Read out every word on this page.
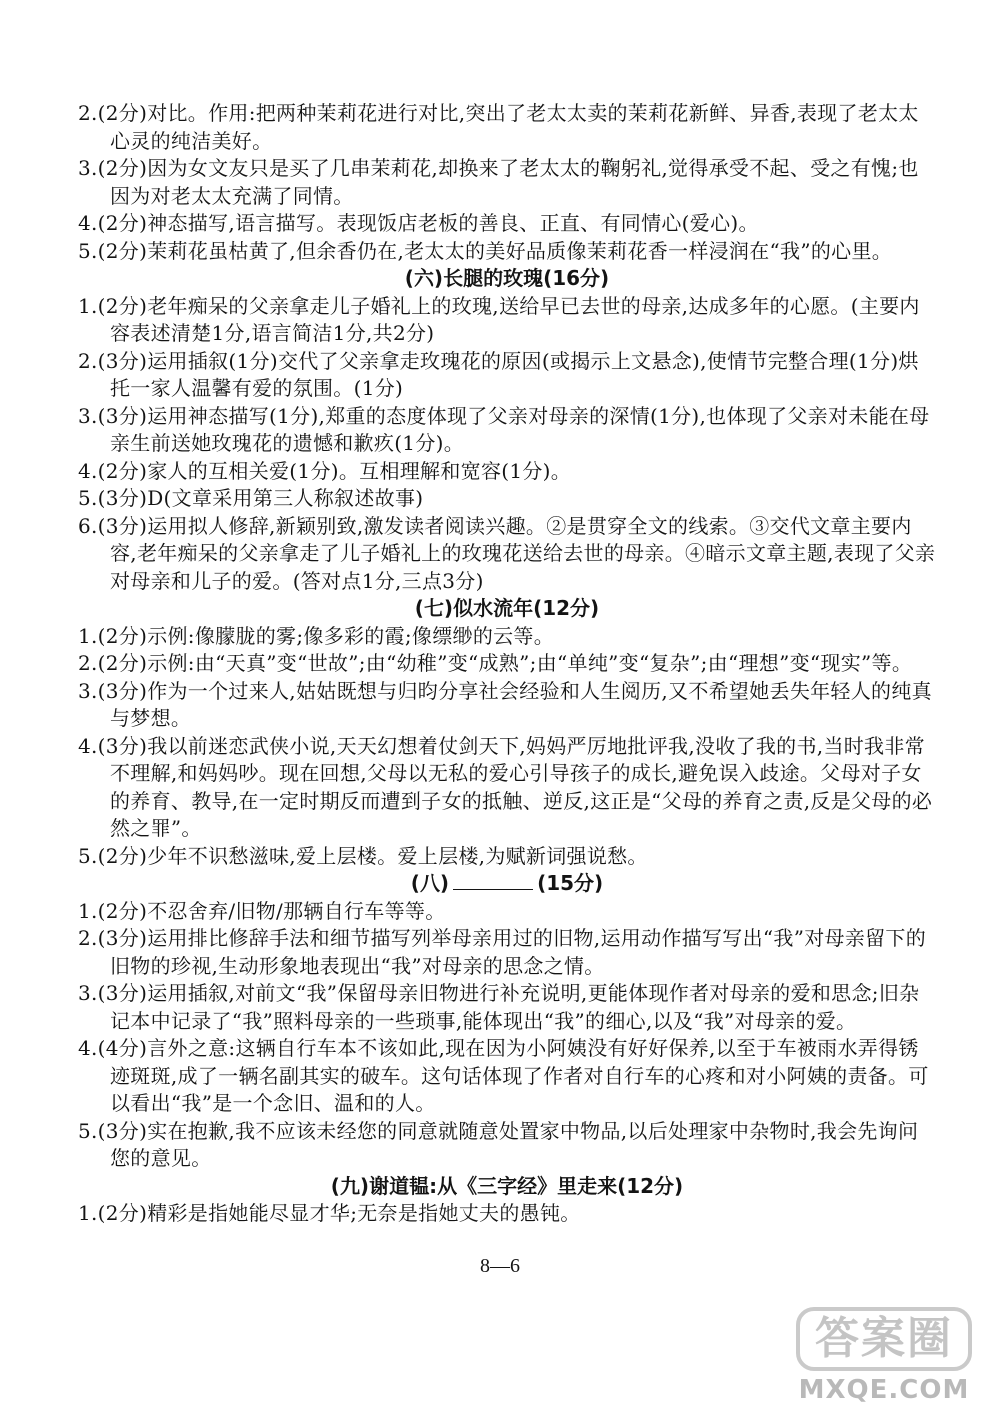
2.(2分)对比。作用:把两种茉莉花进行对比,突出了老太太卖的茉莉花新鲜、异香,表现了老太太心灵的纯洁美好。

3.(2分)因为女文友只是买了几串茉莉花,却换来了老太太的鞠躬礼,觉得承受不起、受之有愧;也因为对老太太充满了同情。

4.(2分)神态描写,语言描写。表现饭店老板的善良、正直、有同情心(爱心)。

5.(2分)茉莉花虽枯黄了,但余香仍在,老太太的美好品质像茉莉花香一样浸润在“我”的心里。

(六)长腿的玫瑰(16分)

1.(2分)老年痴呆的父亲拿走儿子婚礼上的玫瑰,送给早已去世的母亲,达成多年的心愿。(主要内容表述清楚1分,语言简洁1分,共2分)

2.(3分)运用插叙(1分)交代了父亲拿走玫瑰花的原因(或揭示上文悬念),使情节完整合理(1分)烘托一家人温馨有爱的氛围。(1分)

3.(3分)运用神态描写(1分),郑重的态度体现了父亲对母亲的深情(1分),也体现了父亲对未能在母亲生前送她玫瑰花的遗憾和歉疚(1分)。

4.(2分)家人的互相关爱(1分)。互相理解和宽容(1分)。

5.(3分)D(文章采用第三人称叙述故事)

6.(3分)运用拟人修辞,新颖别致,激发读者阅读兴趣。②是贯穿全文的线索。③交代文章主要内容,老年痴呆的父亲拿走了儿子婚礼上的玫瑰花送给去世的母亲。④暗示文章主题,表现了父亲对母亲和儿子的爱。(答对点1分,三点3分)

(七)似水流年(12分)

1.(2分)示例:像朦胧的雾;像多彩的霞;像缥缈的云等。

2.(2分)示例:由“天真”变“世故”;由“幼稚”变“成熟”;由“单纯”变“复杂”;由“理想”变“现实”等。

3.(3分)作为一个过来人,姑姑既想与归昀分享社会经验和人生阅历,又不希望她丢失年轻人的纯真与梦想。

4.(3分)我以前迷恋武侠小说,天天幻想着仗剑天下,妈妈严厉地批评我,没收了我的书,当时我非常不理解,和妈妈吵。现在回想,父母以无私的爱心引导孩子的成长,避免误入歧途。父母对子女的养育、教导,在一定时期反而遭到子女的抵触、逆反,这正是“父母的养育之责,反是父母的必然之罪”。

5.(2分)少年不识愁滋味,爱上层楼。爱上层楼,为赋新词强说愁。

(八)	(15分)

1.(2分)不忍舍弃/旧物/那辆自行车等等。

2.(3分)运用排比修辞手法和细节描写列举母亲用过的旧物,运用动作描写写出“我”对母亲留下的旧物的珍视,生动形象地表现出“我”对母亲的思念之情。

3.(3分)运用插叙,对前文“我”保留母亲旧物进行补充说明,更能体现作者对母亲的爱和思念;旧杂记本中记录了“我”照料母亲的一些琐事,能体现出“我”的细心,以及“我”对母亲的爱。

4.(4分)言外之意:这辆自行车本不该如此,现在因为小阿姨没有好好保养,以至于车被雨水弄得锈迹斑斑,成了一辆名副其实的破车。这句话体现了作者对自行车的心疼和对小阿姨的责备。可以看出“我”是一个念旧、温和的人。

5.(3分)实在抱歉,我不应该未经您的同意就随意处置家中物品,以后处理家中杂物时,我会先询问您的意见。

(九)谢道韫:从《三字经》里走来(12分)

1.(2分)精彩是指她能尽显才华;无奈是指她丈夫的愚钝。

8—6
答案圈
MXQE.COM
